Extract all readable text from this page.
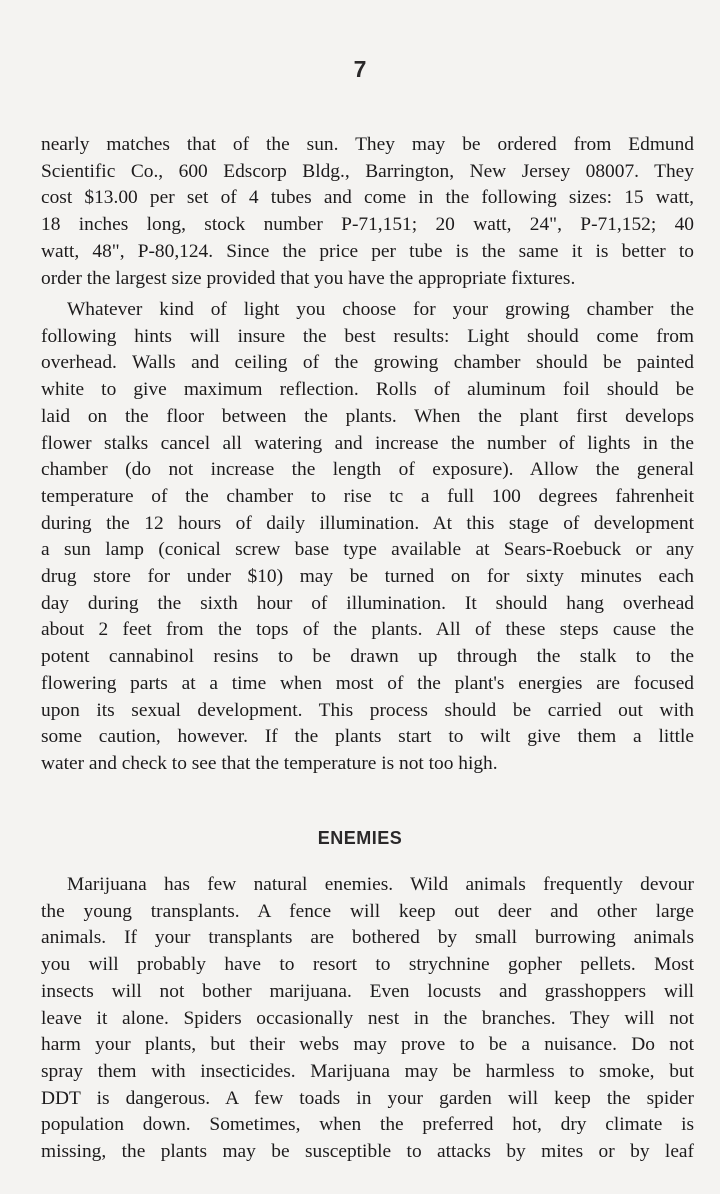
7

nearly matches that of the sun. They may be ordered from Edmund

Scientific Co., 600 Edscorp Bldg., Barrington, New Jersey 08007. They

cost $13.00 per set of 4 tubes and come in the following sizes: 15 watt,

18 inches long, stock number P-71,151; 20 watt, 24", P-71,152; 40

watt, 48", P-80,124. Since the price per tube is the same it is better to

order the largest size provided that you have the appropriate fixtures.

Whatever kind of light you choose for your growing chamber the

following hints will insure the best results: Light should come from

overhead. Walls and ceiling of the growing chamber should be painted

white to give maximum reflection. Rolls of aluminum foil should be

laid on the floor between the plants. When the plant first develops

flower stalks cancel all watering and increase the number of lights in the

chamber (do not increase the length of exposure). Allow the general

temperature of the chamber to rise tc a full 100 degrees fahrenheit

during the 12 hours of daily illumination. At this stage of development

a sun lamp (conical screw base type available at Sears-Roebuck or any

drug store for under $10) may be turned on for sixty minutes each

day during the sixth hour of illumination. It should hang overhead

about 2 feet from the tops of the plants. All of these steps cause the

potent cannabinol resins to be drawn up through the stalk to the

flowering parts at a time when most of the plant's energies are focused

upon its sexual development. This process should be carried out with

some caution, however. If the plants start to wilt give them a little

water and check to see that the temperature is not too high.

ENEMIES

Marijuana has few natural enemies. Wild animals frequently devour

the young transplants. A fence will keep out deer and other large

animals. If your transplants are bothered by small burrowing animals

you will probably have to resort to strychnine gopher pellets. Most

insects will not bother marijuana. Even locusts and grasshoppers will

leave it alone. Spiders occasionally nest in the branches. They will not

harm your plants, but their webs may prove to be a nuisance. Do not

spray them with insecticides. Marijuana may be harmless to smoke, but

DDT is dangerous. A few toads in your garden will keep the spider

population down. Sometimes, when the preferred hot, dry climate is

missing, the plants may be susceptible to attacks by mites or by leaf
